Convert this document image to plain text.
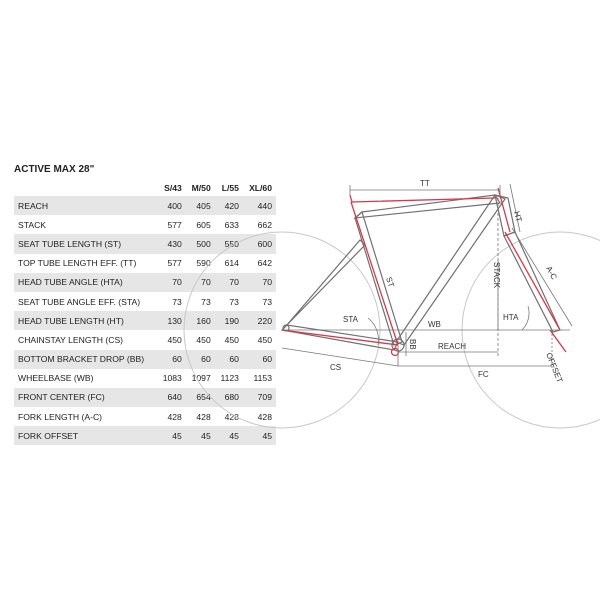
ACTIVE MAX 28"
	S/43	M/50	L/55	XL/60
REACH	400	405	420	440
STACK	577	605	633	662
SEAT TUBE LENGTH (ST)	430	500	550	600
TOP TUBE LENGTH EFF. (TT)	577	590	614	642
HEAD TUBE ANGLE (HTA)	70	70	70	70
SEAT TUBE ANGLE EFF. (STA)	73	73	73	73
HEAD TUBE LENGTH (HT)	130	160	190	220
CHAINSTAY LENGTH (CS)	450	450	450	450
BOTTOM BRACKET DROP (BB)	60	60	60	60
WHEELBASE (WB)	1083	1097	1123	1153
FRONT CENTER (FC)	640	654	680	709
FORK LENGTH (A-C)	428	428	428	428
FORK OFFSET	45	45	45	45
TT
HT
ST	STACK	A-C
STA
WB
HTA
BB	REACH
CS
FC	OFFSET
